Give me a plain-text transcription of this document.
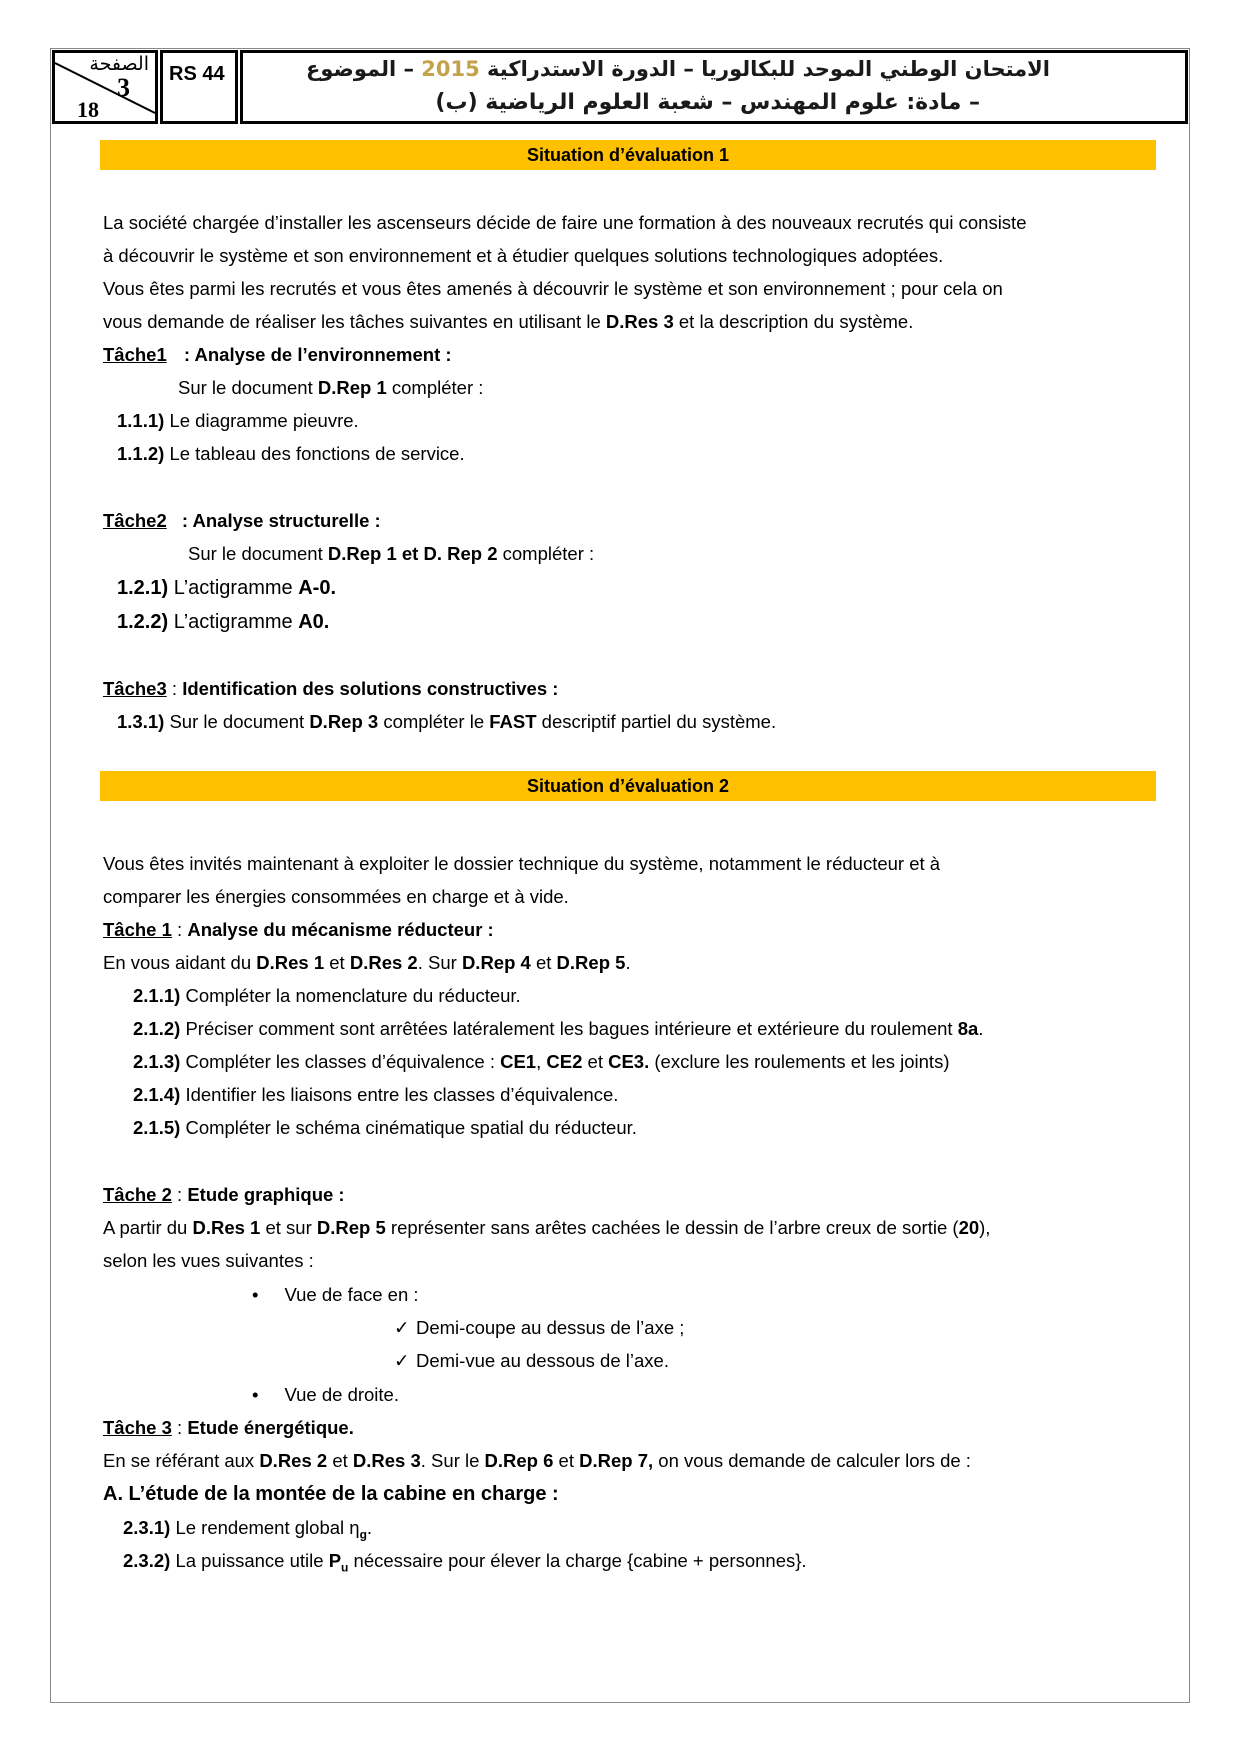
الصفحة
3
18
RS 44	الامتحان الوطني الموحد للبكالوريا – الدورة الاستدراكية 2015 – الموضوع
– مادة: علوم المهندس – شعبة العلوم الرياضية (ب)
Situation d’évaluation 1
La société chargée d’installer les ascenseurs décide de faire une formation à des nouveaux recrutés qui consiste
à découvrir le système et son environnement et à étudier quelques solutions technologiques adoptées.
Vous êtes parmi les recrutés et vous êtes amenés à découvrir le système et son environnement ; pour cela on
vous demande de réaliser les tâches suivantes en utilisant le D.Res 3 et la description du système.
Tâche1 : Analyse de l’environnement :
Sur le document D.Rep 1 compléter :
1.1.1) Le diagramme pieuvre.
1.1.2) Le tableau des fonctions de service.
Tâche2 : Analyse structurelle :
Sur le document D.Rep 1 et D. Rep 2 compléter :
1.2.1) L’actigramme A-0.
1.2.2) L’actigramme A0.
Tâche3 : Identification des solutions constructives :
1.3.1) Sur le document D.Rep 3 compléter le FAST descriptif partiel du système.
Situation d’évaluation 2
Vous êtes invités maintenant à exploiter le dossier technique du système, notamment le réducteur et à
comparer les énergies consommées en charge et à vide.
Tâche 1 : Analyse du mécanisme réducteur :
En vous aidant du D.Res 1 et D.Res 2. Sur D.Rep 4 et D.Rep 5.
2.1.1) Compléter la nomenclature du réducteur.
2.1.2) Préciser comment sont arrêtées latéralement les bagues intérieure et extérieure du roulement 8a.
2.1.3) Compléter les classes d’équivalence : CE1, CE2 et CE3. (exclure les roulements et les joints)
2.1.4) Identifier les liaisons entre les classes d’équivalence.
2.1.5) Compléter le schéma cinématique spatial du réducteur.
Tâche 2 : Etude graphique :
A partir du D.Res 1 et sur D.Rep 5 représenter sans arêtes cachées le dessin de l’arbre creux de sortie (20),
selon les vues suivantes :
• Vue de face en :
✓ Demi-coupe au dessus de l’axe ;
✓ Demi-vue au dessous de l’axe.
• Vue de droite.
Tâche 3 : Etude énergétique.
En se référant aux D.Res 2 et D.Res 3. Sur le D.Rep 6 et D.Rep 7, on vous demande de calculer lors de :
A. L’étude de la montée de la cabine en charge :
2.3.1) Le rendement global $\eta_g$.
2.3.2) La puissance utile $P_u$ nécessaire pour élever la charge {cabine + personnes}.
